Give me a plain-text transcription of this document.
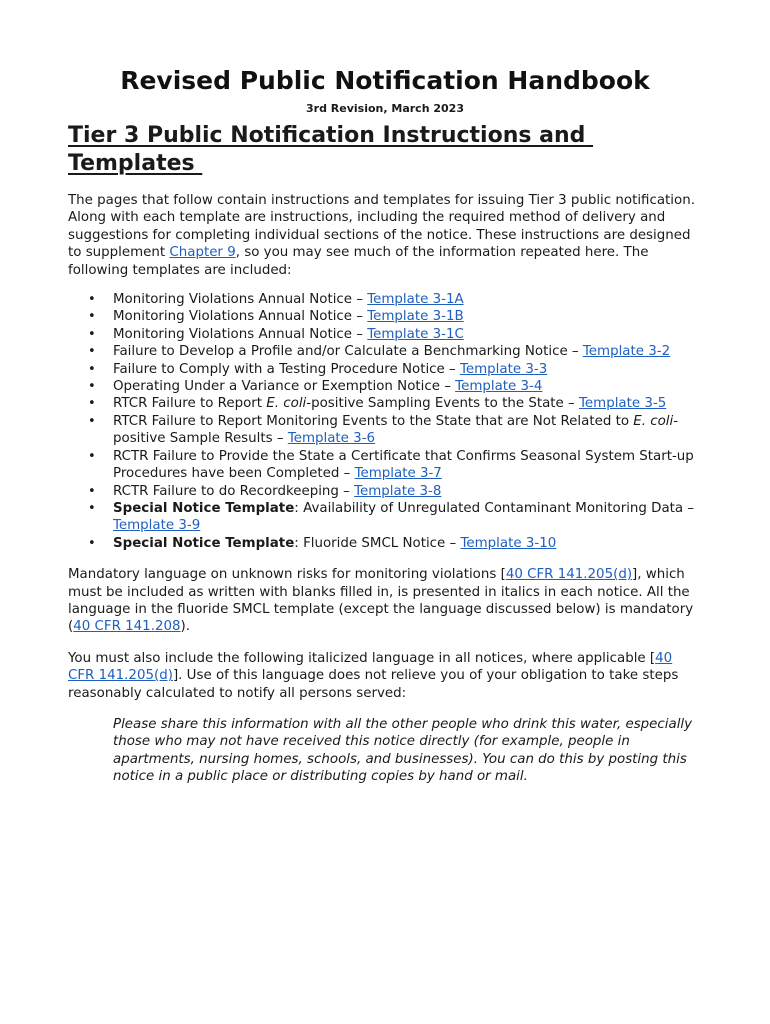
Revised Public Notification Handbook
3rd Revision, March 2023
Tier 3 Public Notification Instructions and Templates

The pages that follow contain instructions and templates for issuing Tier 3 public notification. Along with each template are instructions, including the required method of delivery and suggestions for completing individual sections of the notice. These instructions are designed to supplement Chapter 9, so you may see much of the information repeated here. The following templates are included:

• Monitoring Violations Annual Notice – Template 3-1A
• Monitoring Violations Annual Notice – Template 3-1B
• Monitoring Violations Annual Notice – Template 3-1C
• Failure to Develop a Profile and/or Calculate a Benchmarking Notice – Template 3-2
• Failure to Comply with a Testing Procedure Notice – Template 3-3
• Operating Under a Variance or Exemption Notice – Template 3-4
• RTCR Failure to Report E. coli-positive Sampling Events to the State – Template 3-5
• RTCR Failure to Report Monitoring Events to the State that are Not Related to E. coli-positive Sample Results – Template 3-6
• RCTR Failure to Provide the State a Certificate that Confirms Seasonal System Start-up Procedures have been Completed – Template 3-7
• RCTR Failure to do Recordkeeping – Template 3-8
• Special Notice Template: Availability of Unregulated Contaminant Monitoring Data – Template 3-9
• Special Notice Template: Fluoride SMCL Notice – Template 3-10

Mandatory language on unknown risks for monitoring violations [40 CFR 141.205(d)], which must be included as written with blanks filled in, is presented in italics in each notice. All the language in the fluoride SMCL template (except the language discussed below) is mandatory (40 CFR 141.208).

You must also include the following italicized language in all notices, where applicable [40 CFR 141.205(d)]. Use of this language does not relieve you of your obligation to take steps reasonably calculated to notify all persons served:

Please share this information with all the other people who drink this water, especially those who may not have received this notice directly (for example, people in apartments, nursing homes, schools, and businesses). You can do this by posting this notice in a public place or distributing copies by hand or mail.
